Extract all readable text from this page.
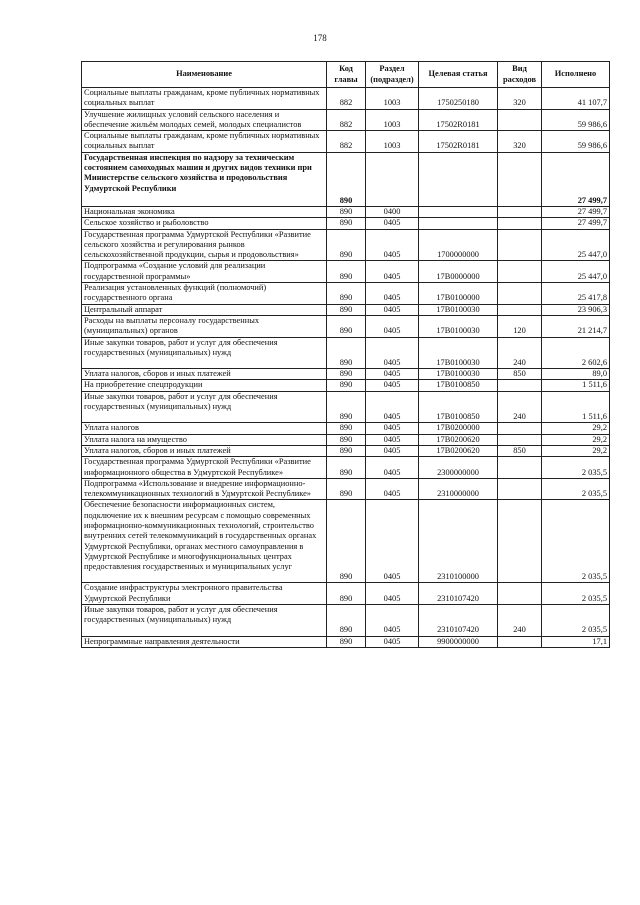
178
Наименование	Код главы	Раздел (подраздел)	Целевая статья	Вид расходов	Исполнено
Социальные выплаты гражданам, кроме публичных нормативных социальных выплат	882	1003	1750250180	320	41 107,7
Улучшение жилищных условий сельского населения и обеспечение жильём молодых семей, молодых специалистов	882	1003	17502R0181		59 986,6
Социальные выплаты гражданам, кроме публичных нормативных социальных выплат	882	1003	17502R0181	320	59 986,6
Государственная инспекция по надзору за техническим состоянием самоходных машин и других видов техники при Министерстве сельского хозяйства и продовольствия Удмуртской Республики	890				27 499,7
Национальная экономика	890	0400			27 499,7
Сельское хозяйство и рыболовство	890	0405			27 499,7
Государственная программа Удмуртской Республики «Развитие сельского хозяйства и регулирования рынков сельскохозяйственной продукции, сырья и продовольствия»	890	0405	1700000000		25 447,0
Подпрограмма «Создание условий для реализации государственной программы»	890	0405	17В0000000		25 447,0
Реализация установленных функций (полномочий) государственного органа	890	0405	17В0100000		25 417,8
Центральный аппарат	890	0405	17В0100030		23 906,3
Расходы на выплаты персоналу государственных (муниципальных) органов	890	0405	17В0100030	120	21 214,7
Иные закупки товаров, работ и услуг для обеспечения государственных (муниципальных) нужд	890	0405	17В0100030	240	2 602,6
Уплата налогов, сборов и иных платежей	890	0405	17В0100030	850	89,0
На приобретение спецпродукции	890	0405	17В0100850		1 511,6
Иные закупки товаров, работ и услуг для обеспечения государственных (муниципальных) нужд	890	0405	17В0100850	240	1 511,6
Уплата налогов	890	0405	17В0200000		29,2
Уплата налога на имущество	890	0405	17В0200620		29,2
Уплата налогов, сборов и иных платежей	890	0405	17В0200620	850	29,2
Государственная программа Удмуртской Республики «Развитие информационного общества в Удмуртской Республике»	890	0405	2300000000		2 035,5
Подпрограмма «Использование и внедрение информационно-телекоммуникационных технологий в Удмуртской Республике»	890	0405	2310000000		2 035,5
Обеспечение безопасности информационных систем, подключение их к внешним ресурсам с помощью современных информационно-коммуникационных технологий, строительство внутренних сетей телекоммуникаций в государственных органах Удмуртской Республики, органах местного самоуправления в Удмуртской Республике и многофункциональных центрах предоставления государственных и муниципальных услуг	890	0405	2310100000		2 035,5
Создание инфраструктуры электронного правительства Удмуртской Республики	890	0405	2310107420		2 035,5
Иные закупки товаров, работ и услуг для обеспечения государственных (муниципальных) нужд	890	0405	2310107420	240	2 035,5
Непрограммные направления деятельности	890	0405	9900000000		17,1
